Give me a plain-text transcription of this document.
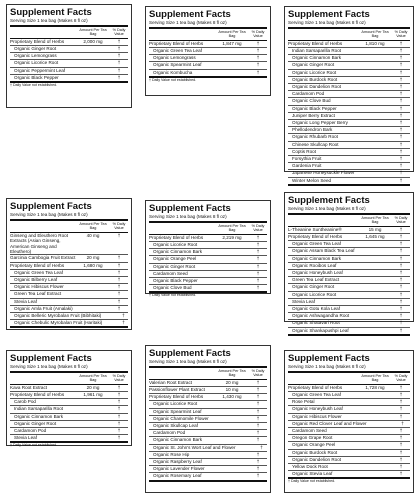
Supplement Facts
Serving Size 1 tea bag (Makes 8 fl oz)
Amount Per Tea Bag
% Daily Value
Proprietary Blend of Herbs	2,000 mg	†
Organic Ginger Root	†
Organic Lemongrass	†
Organic Licorice Root	†
Organic Peppermint Leaf	†
Organic Black Pepper	†
† Daily Value not established.
Supplement Facts
Serving Size 1 tea bag (Makes 8 fl oz)
Amount Per Tea Bag
% Daily Value
Proprietary Blend of Herbs	1,847 mg	†
Organic Green Tea Leaf	†
Organic Lemongrass	†
Organic Spearmint Leaf	†
Organic Kombucha	†
† Daily Value not established.
Supplement Facts
Serving Size 1 tea bag (Makes 8 fl oz)
Amount Per Tea Bag
% Daily Value
Proprietary Blend of Herbs	1,810 mg	†
Indian Sarsaparilla Root	†
Organic Cinnamon Bark	†
Organic Ginger Root	†
Organic Licorice Root	†
Organic Burdock Root	†
Organic Dandelion Root	†
Cardamom Pod	†
Organic Clove Bud	†
Organic Black Pepper	†
Juniper Berry Extract	†
Organic Long Pepper Berry	†
Phellodendron Bark	†
Organic Rhubarb Root	†
Chinese Skullcap Root	†
Coptis Root	†
Forsythia Fruit	†
Gardenia Fruit	†
Japanese Honeysuckle Flower	†
Winter Melon Seed	†
Supplement Facts
Serving Size 1 tea bag (Makes 8 fl oz)
Amount Per Tea Bag
% Daily Value
Ginseng and Eleuthero Root Extracts (Asian Ginseng, American Ginseng and Eleuthero)
40 mg	†
Garcinia Cambogia Fruit Extract	20 mg	†
Proprietary Blend of Herbs	1,680 mg	†
Organic Green Tea Leaf	†
Organic Bilberry Leaf	†
Organic Hibiscus Flower	†
Green Tea Leaf Extract	†
Stevia Leaf	†
Organic Amla Fruit (Amalaki)	†
Organic Belleric Myrobalan Fruit (Bibhitaki)	†
Organic Chebulic Myrobalan Fruit (Haritaki)	†
Supplement Facts
Serving Size 1 tea bag (Makes 8 fl oz)
Amount Per Tea Bag
% Daily Value
Proprietary Blend of Herbs	2,219 mg	†
Organic Licorice Root	†
Organic Cinnamon Bark	†
Organic Orange Peel	†
Organic Ginger Root	†
Cardamom Seed	†
Organic Black Pepper	†
Organic Clove Bud	†
† Daily Value not established.
Supplement Facts
Serving Size 1 tea bag (Makes 8 fl oz)
Amount Per Tea Bag
% Daily Value
L-Theanine Suntheanine®	15 mg	†
Proprietary Blend of Herbs	1,645 mg	†
Organic Green Tea Leaf	†
Organic Assam Black Tea Leaf	†
Organic Cinnamon Bark	†
Organic Rooibos Leaf	†
Organic Honeybush Leaf	†
Green Tea Leaf Extract	†
Organic Ginger Root	†
Organic Licorice Root	†
Stevia Leaf	†
Organic Gotu Kola Leaf	†
Organic Ashwagandha Root	†
Organic Shatavari Root	†
Organic Shankapushpi Leaf	†
Supplement Facts
Serving Size 1 tea bag (Makes 8 fl oz)
Amount Per Tea Bag
% Daily Value
Kava Root Extract	20 mg	†
Proprietary Blend of Herbs	1,961 mg	†
Carob Pod	†
Indian Sarsaparilla Root	†
Organic Cinnamon Bark	†
Organic Ginger Root	†
Cardamom Pod	†
Stevia Leaf	†
† Daily Value not established.
Supplement Facts
Serving Size 1 tea bag (Makes 8 fl oz)
Amount Per Tea Bag
% Daily Value
Valerian Root Extract	20 mg	†
Passionflower Plant Extract	10 mg	†
Proprietary Blend of Herbs	1,430 mg	†
Organic Licorice Root	†
Organic Spearmint Leaf	†
Organic Chamomile Flower	†
Organic Skullcap Leaf	†
Cardamom Pod	†
Organic Cinnamon Bark	†
Organic St. John's Wort Leaf and Flower	†
Organic Rose Hip	†
Organic Raspberry Leaf	†
Organic Lavender Flower	†
Organic Rosemary Leaf	†
Supplement Facts
Serving Size 1 tea bag (Makes 8 fl oz)
Amount Per Tea Bag
% Daily Value
Proprietary Blend of Herbs	1,728 mg	†
Organic Green Tea Leaf	†
Rose Petal	†
Organic Honeybush Leaf	†
Organic Hibiscus Flower	†
Organic Red Clover Leaf and Flower	†
Cardamom Seed	†
Oregon Grape Root	†
Organic Orange Peel	†
Organic Burdock Root	†
Organic Dandelion Root	†
Yellow Dock Root	†
Organic Stevia Leaf	†
† Daily Value not established.
